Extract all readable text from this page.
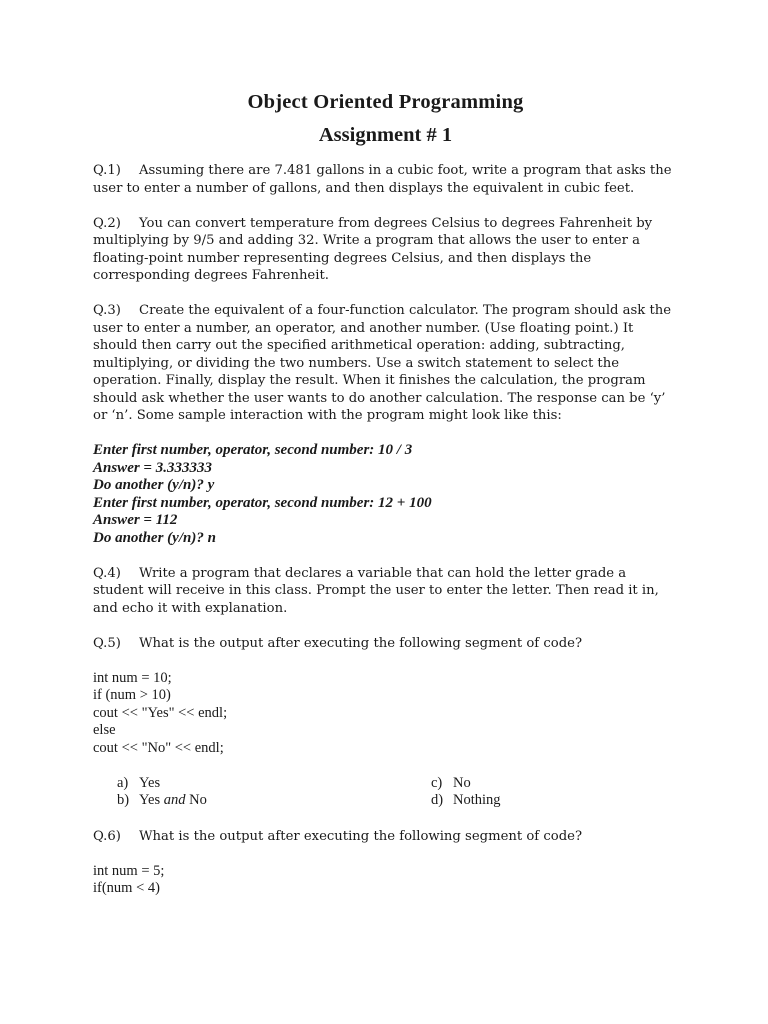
Object Oriented Programming
Assignment # 1
Q.1) Assuming there are 7.481 gallons in a cubic foot, write a program that asks the user to enter a number of gallons, and then displays the equivalent in cubic feet.
Q.2) You can convert temperature from degrees Celsius to degrees Fahrenheit by multiplying by 9/5 and adding 32. Write a program that allows the user to enter a floating-point number representing degrees Celsius, and then displays the corresponding degrees Fahrenheit.
Q.3) Create the equivalent of a four-function calculator. The program should ask the user to enter a number, an operator, and another number. (Use floating point.) It should then carry out the specified arithmetical operation: adding, subtracting, multiplying, or dividing the two numbers. Use a switch statement to select the operation. Finally, display the result. When it finishes the calculation, the program should ask whether the user wants to do another calculation. The response can be ‘y’ or ‘n’. Some sample interaction with the program might look like this:
Enter first number, operator, second number: 10 / 3
Answer = 3.333333
Do another (y/n)? y
Enter first number, operator, second number: 12 + 100
Answer = 112
Do another (y/n)? n
Q.4) Write a program that declares a variable that can hold the letter grade a student will receive in this class. Prompt the user to enter the letter. Then read it in, and echo it with explanation.
Q.5) What is the output after executing the following segment of code?
int num = 10;
if (num > 10)
cout << "Yes" << endl;
else
cout << "No" << endl;
a) Yes
b) Yes and No
c) No
d) Nothing
Q.6) What is the output after executing the following segment of code?
int num = 5;
if(num < 4)
